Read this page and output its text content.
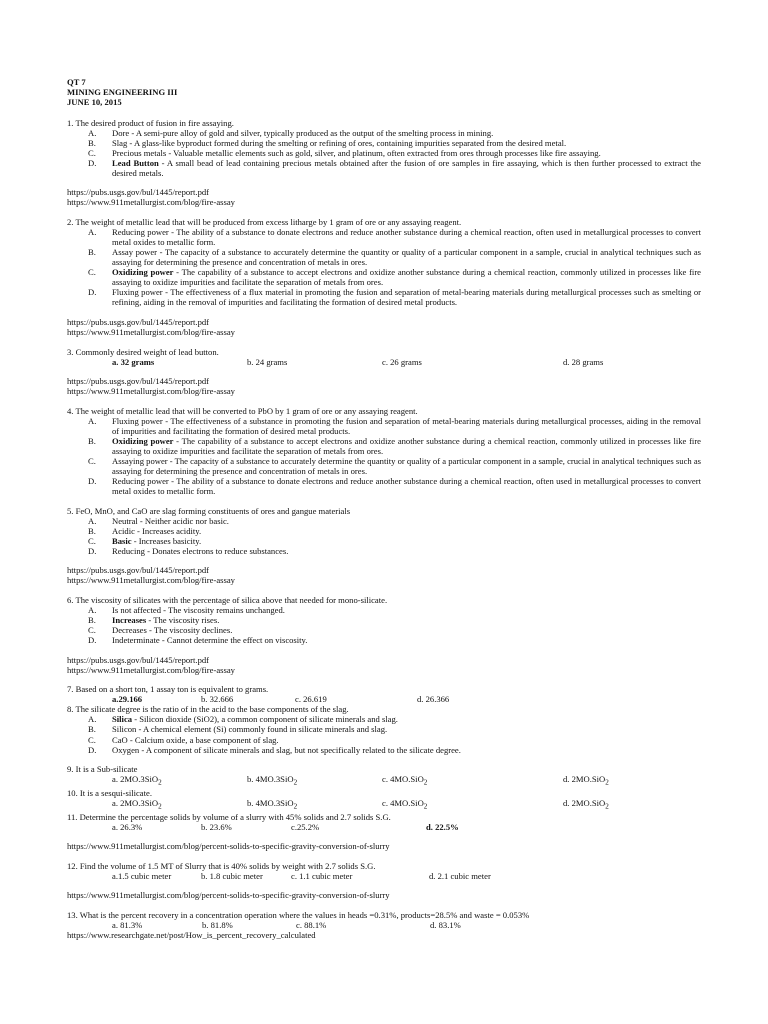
QT 7
MINING ENGINEERING III
JUNE 10, 2015
1. The desired product of fusion in fire assaying.
A.	Dore - A semi-pure alloy of gold and silver, typically produced as the output of the smelting process in mining.
B.	Slag - A glass-like byproduct formed during the smelting or refining of ores, containing impurities separated from the desired metal.
C.	Precious metals - Valuable metallic elements such as gold, silver, and platinum, often extracted from ores through processes like fire assaying.
D.	Lead Button - A small bead of lead containing precious metals obtained after the fusion of ore samples in fire assaying, which is then further processed to extract the desired metals.
https://pubs.usgs.gov/bul/1445/report.pdf
https://www.911metallurgist.com/blog/fire-assay
2. The weight of metallic lead that will be produced from excess litharge by 1 gram of ore or any assaying reagent.
A.	Reducing power - The ability of a substance to donate electrons and reduce another substance during a chemical reaction, often used in metallurgical processes to convert metal oxides to metallic form.
B.	Assay power - The capacity of a substance to accurately determine the quantity or quality of a particular component in a sample, crucial in analytical techniques such as assaying for determining the presence and concentration of metals in ores.
C.	Oxidizing power - The capability of a substance to accept electrons and oxidize another substance during a chemical reaction, commonly utilized in processes like fire assaying to oxidize impurities and facilitate the separation of metals from ores.
D.	Fluxing power - The effectiveness of a flux material in promoting the fusion and separation of metal-bearing materials during metallurgical processes such as smelting or refining, aiding in the removal of impurities and facilitating the formation of desired metal products.
https://pubs.usgs.gov/bul/1445/report.pdf
https://www.911metallurgist.com/blog/fire-assay
3. Commonly desired weight of lead button.
a. 32 grams	b. 24 grams	c. 26 grams	d. 28 grams
https://pubs.usgs.gov/bul/1445/report.pdf
https://www.911metallurgist.com/blog/fire-assay
4. The weight of metallic lead that will be converted to PbO by 1 gram of ore or any assaying reagent.
A.	Fluxing power - The effectiveness of a substance in promoting the fusion and separation of metal-bearing materials during metallurgical processes, aiding in the removal of impurities and facilitating the formation of desired metal products.
B.	Oxidizing power - The capability of a substance to accept electrons and oxidize another substance during a chemical reaction, commonly utilized in processes like fire assaying to oxidize impurities and facilitate the separation of metals from ores.
C.	Assaying power - The capacity of a substance to accurately determine the quantity or quality of a particular component in a sample, crucial in analytical techniques such as assaying for determining the presence and concentration of metals in ores.
D.	Reducing power - The ability of a substance to donate electrons and reduce another substance during a chemical reaction, often used in metallurgical processes to convert metal oxides to metallic form.
5. FeO, MnO, and CaO are slag forming constituents of ores and gangue materials
A.	Neutral - Neither acidic nor basic.
B.	Acidic - Increases acidity.
C.	Basic - Increases basicity.
D.	Reducing - Donates electrons to reduce substances.
https://pubs.usgs.gov/bul/1445/report.pdf
https://www.911metallurgist.com/blog/fire-assay
6. The viscosity of silicates with the percentage of silica above that needed for mono-silicate.
A.	Is not affected - The viscosity remains unchanged.
B.	Increases - The viscosity rises.
C.	Decreases - The viscosity declines.
D.	Indeterminate - Cannot determine the effect on viscosity.
https://pubs.usgs.gov/bul/1445/report.pdf
https://www.911metallurgist.com/blog/fire-assay
7. Based on a short ton, 1 assay ton is equivalent to grams.
a.29.166	b. 32.666	c. 26.619	d. 26.366
8. The silicate degree is the ratio of in the acid to the base components of the slag.
A.	Silica - Silicon dioxide (SiO2), a common component of silicate minerals and slag.
B.	Silicon - A chemical element (Si) commonly found in silicate minerals and slag.
C.	CaO - Calcium oxide, a base component of slag.
D.	Oxygen - A component of silicate minerals and slag, but not specifically related to the silicate degree.
9. It is a Sub-silicate
a. 2MO.3SiO$_2$	b. 4MO.3SiO$_2$	c. 4MO.SiO$_2$	d. 2MO.SiO$_2$
10. It is a sesqui-silicate.
a. 2MO.3SiO$_2$	b. 4MO.3SiO$_2$	c. 4MO.SiO$_2$	d. 2MO.SiO$_2$
11. Determine the percentage solids by volume of a slurry with 45% solids and 2.7 solids S.G.
a. 26.3%	b. 23.6%	c.25.2%	d. 22.5%
https://www.911metallurgist.com/blog/percent-solids-to-specific-gravity-conversion-of-slurry
12. Find the volume of 1.5 MT of Slurry that is 40% solids by weight with 2.7 solids S.G.
a.1.5 cubic meter	b. 1.8 cubic meter	c. 1.1 cubic meter	d. 2.1 cubic meter
https://www.911metallurgist.com/blog/percent-solids-to-specific-gravity-conversion-of-slurry
13. What is the percent recovery in a concentration operation where the values in heads =0.31%, products=28.5% and waste = 0.053%
a. 81.3%	b. 81.8%	c. 88.1%	d. 83.1%
https://www.researchgate.net/post/How_is_percent_recovery_calculated
